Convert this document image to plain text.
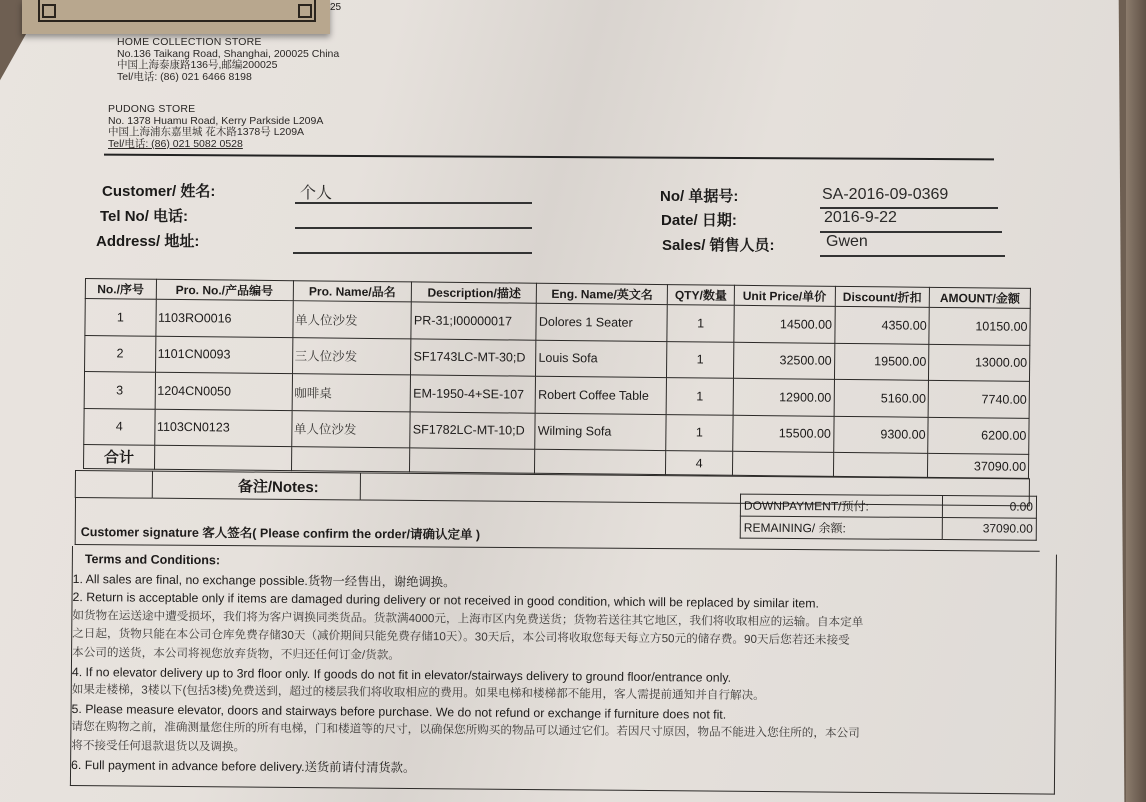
25
HOME COLLECTION STORE
No.136 Taikang Road, Shanghai, 200025 China
中国上海泰康路136号,邮编200025
Tel/电话: (86) 021 6466 8198
PUDONG STORE
No. 1378 Huamu Road, Kerry Parkside L209A
中国上海浦东嘉里城 花木路1378号 L209A
Tel/电话: (86) 021 5082 0528
Customer/ 姓名:	个人
Tel No/ 电话:
Address/ 地址:
No/ 单据号:	SA-2016-09-0369
Date/ 日期:	2016-9-22
Sales/ 销售人员:	Gwen
No./序号	Pro. No./产品编号	Pro. Name/品名	Description/描述	Eng. Name/英文名	QTY/数量	Unit Price/单价	Discount/折扣	AMOUNT/金额
1	1103RO0016	单人位沙发	PR-31;I00000017	Dolores 1 Seater	1	14500.00	4350.00	10150.00
2	1101CN0093	三人位沙发	SF1743LC-MT-30;D	Louis Sofa	1	32500.00	19500.00	13000.00
3	1204CN0050	咖啡桌	EM-1950-4+SE-107	Robert Coffee Table	1	12900.00	5160.00	7740.00
4	1103CN0123	单人位沙发	SF1782LC-MT-10;D	Wilming Sofa	1	15500.00	9300.00	6200.00
合计					4			37090.00
备注/Notes:
Customer signature 客人签名( Please confirm the order/请确认定单 )
DOWNPAYMENT/预付:	0.00
REMAINING/ 余额:	37090.00
Terms and Conditions:
1. All sales are final, no exchange possible.货物一经售出，谢绝调换。
2. Return is acceptable only if items are damaged during delivery or not received in good condition, which will be replaced by similar item.
如货物在运送途中遭受损坏，我们将为客户调换同类货品。货款满4000元，上海市区内免费送货；货物若送往其它地区，我们将收取相应的运输。自本定单
之日起，货物只能在本公司仓库免费存储30天（减价期间只能免费存储10天）。30天后，本公司将收取您每天每立方50元的储存费。90天后您若还未接受
本公司的送货，本公司将视您放弃货物，不归还任何订金/货款。
4. If no elevator delivery up to 3rd floor only. If goods do not fit in elevator/stairways delivery to ground floor/entrance only.
如果走楼梯，3楼以下(包括3楼)免费送到，超过的楼层我们将收取相应的费用。如果电梯和楼梯都不能用，客人需提前通知并自行解决。
5. Please measure elevator, doors and stairways before purchase. We do not refund or exchange if furniture does not fit.
请您在购物之前，准确测量您住所的所有电梯，门和楼道等的尺寸，以确保您所购买的物品可以通过它们。若因尺寸原因，物品不能进入您住所的，本公司
将不接受任何退款退货以及调换。
6. Full payment in advance before delivery.送货前请付清货款。
